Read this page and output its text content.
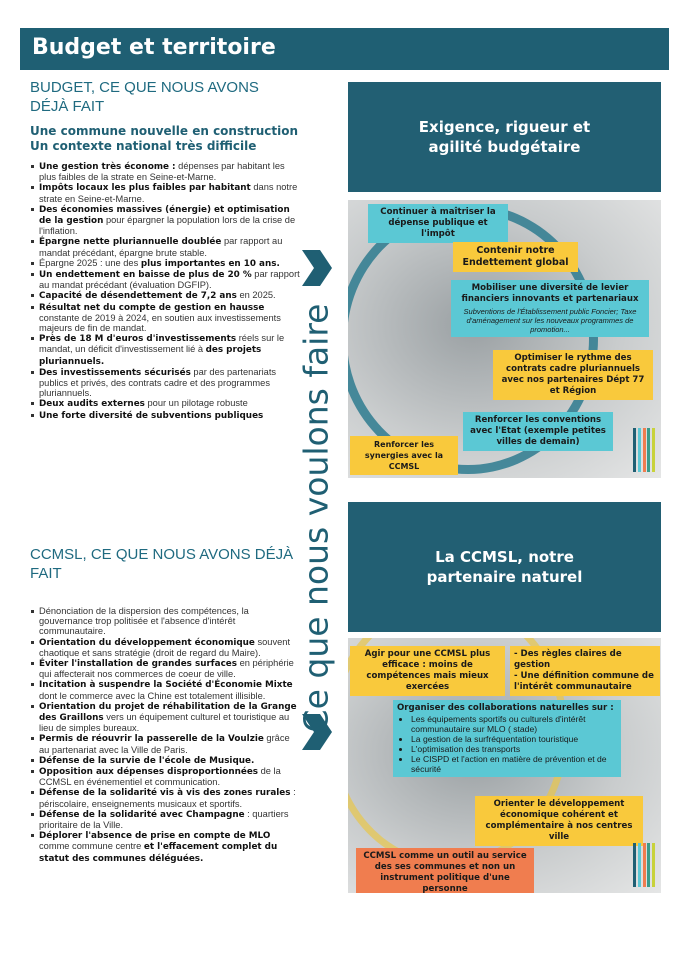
Budget et territoire
BUDGET, CE QUE NOUS AVONS DÉJÀ FAIT
Une commune nouvelle en construction Un contexte national très difficile
Une gestion très économe : dépenses par habitant les plus faibles de la strate en Seine-et-Marne.
Impôts locaux les plus faibles par habitant dans notre strate en Seine-et-Marne.
Des économies massives (énergie) et optimisation de la gestion pour épargner la population lors de la crise de l'inflation.
Épargne nette pluriannuelle doublée par rapport au mandat précédant, épargne brute stable.
Épargne 2025 : une des plus importantes en 10 ans.
Un endettement en baisse de plus de 20 % par rapport au mandat précédant (évaluation DGFIP).
Capacité de désendettement de 7,2 ans en 2025.
Résultat net du compte de gestion en hausse constante de 2019 à 2024, en soutien aux investissements majeurs de fin de mandat.
Près de 18 M d'euros d'investissements réels sur le mandat, un déficit d'investissement lié à des projets pluriannuels.
Des investissements sécurisés par des partenariats publics et privés, des contrats cadre et des programmes pluriannuels.
Deux audits externes pour un pilotage robuste
Une forte diversité de subventions publiques
CCMSL, CE QUE NOUS AVONS DÉJÀ FAIT
Dénonciation de la dispersion des compétences, la gouvernance trop politisée et l'absence d'intérêt communautaire.
Orientation du développement économique souvent chaotique et sans stratégie (droit de regard du Maire).
Éviter l'installation de grandes surfaces en périphérie qui affecterait nos commerces de coeur de ville.
Incitation à suspendre la Société d'Économie Mixte dont le commerce avec la Chine est totalement illisible.
Orientation du projet de réhabilitation de la Grange des Graillons vers un équipement culturel et touristique au lieu de simples bureaux.
Permis de réouvrir la passerelle de la Voulzie grâce au partenariat avec la Ville de Paris.
Défense de la survie de l'école de Musique.
Opposition aux dépenses disproportionnées de la CCMSL en événementiel et communication.
Défense de la solidarité vis à vis des zones rurales : périscolaire, enseignements musicaux et sportifs.
Défense de la solidarité avec Champagne : quartiers prioritaire de la Ville.
Déplorer l'absence de prise en compte de MLO comme commune centre et l'effacement complet du statut des communes déléguées.
Ce que nous voulons faire
Exigence, rigueur et agilité budgétaire
Continuer à maîtriser la dépense publique et l'impôt
Contenir notre Endettement global
Mobiliser une diversité de levier financiers innovants et partenariaux
Subventions de l'Établissement public Foncier; Taxe d'aménagement sur les nouveaux programmes de promotion...
Optimiser le rythme des contrats cadre pluriannuels avec nos partenaires Dépt 77 et Région
Renforcer les conventions avec l'Etat (exemple petites villes de demain)
Renforcer les synergies avec la CCMSL
La CCMSL, notre partenaire naturel
Agir pour une CCMSL plus efficace : moins de compétences mais mieux exercées
- Des règles claires de gestion
- Une définition commune de l'intérêt communautaire
Organiser des collaborations naturelles sur :
• Les équipements sportifs ou culturels d'intérêt communautaire sur MLO ( stade)
• La gestion de la surfréquentation touristique
• L'optimisation des transports
• Le CISPD et l'action en matière de prévention et de sécurité
Orienter le développement économique cohérent et complémentaire à nos centres ville
CCMSL comme un outil au service des ses communes et non un instrument politique d'une personne
